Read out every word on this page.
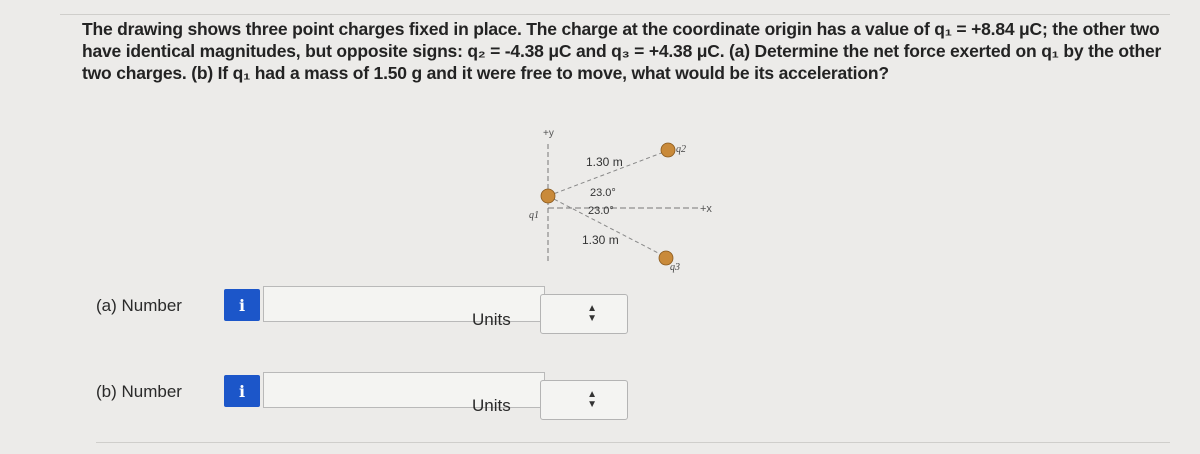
The drawing shows three point charges fixed in place. The charge at the coordinate origin has a value of q₁ = +8.84 μC; the other two

have identical magnitudes, but opposite signs: q₂ = -4.38 μC and q₃ = +4.38 μC. (a) Determine the net force exerted on q₁ by the other

two charges. (b) If q₁ had a mass of 1.50 g and it were free to move, what would be its acceleration?

+y
+x
q1
q2
q3
1.30 m
1.30 m
23.0°
23.0°
(a) Number	i
Units
▲
▼
(b) Number	i
Units
▲
▼
